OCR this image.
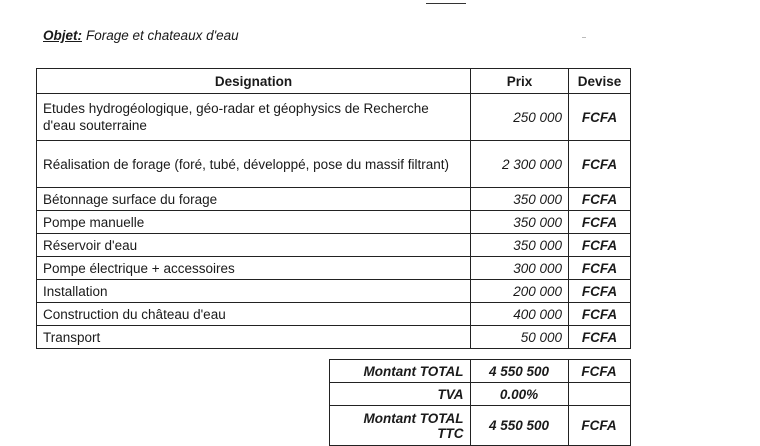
Objet: Forage et chateaux d'eau
Designation	Prix	Devise
Etudes hydrogéologique, géo-radar et géophysics de Recherche d'eau souterraine	250 000	FCFA
Réalisation de forage (foré, tubé, développé, pose du massif filtrant)	2 300 000	FCFA
Bétonnage surface du forage	350 000	FCFA
Pompe manuelle	350 000	FCFA
Réservoir d'eau	350 000	FCFA
Pompe électrique + accessoires	300 000	FCFA
Installation	200 000	FCFA
Construction du château d'eau	400 000	FCFA
Transport	50 000	FCFA
	Montant TOTAL	4 550 500	FCFA
	TVA	0.00%	
	Montant TOTAL TTC	4 550 500	FCFA
